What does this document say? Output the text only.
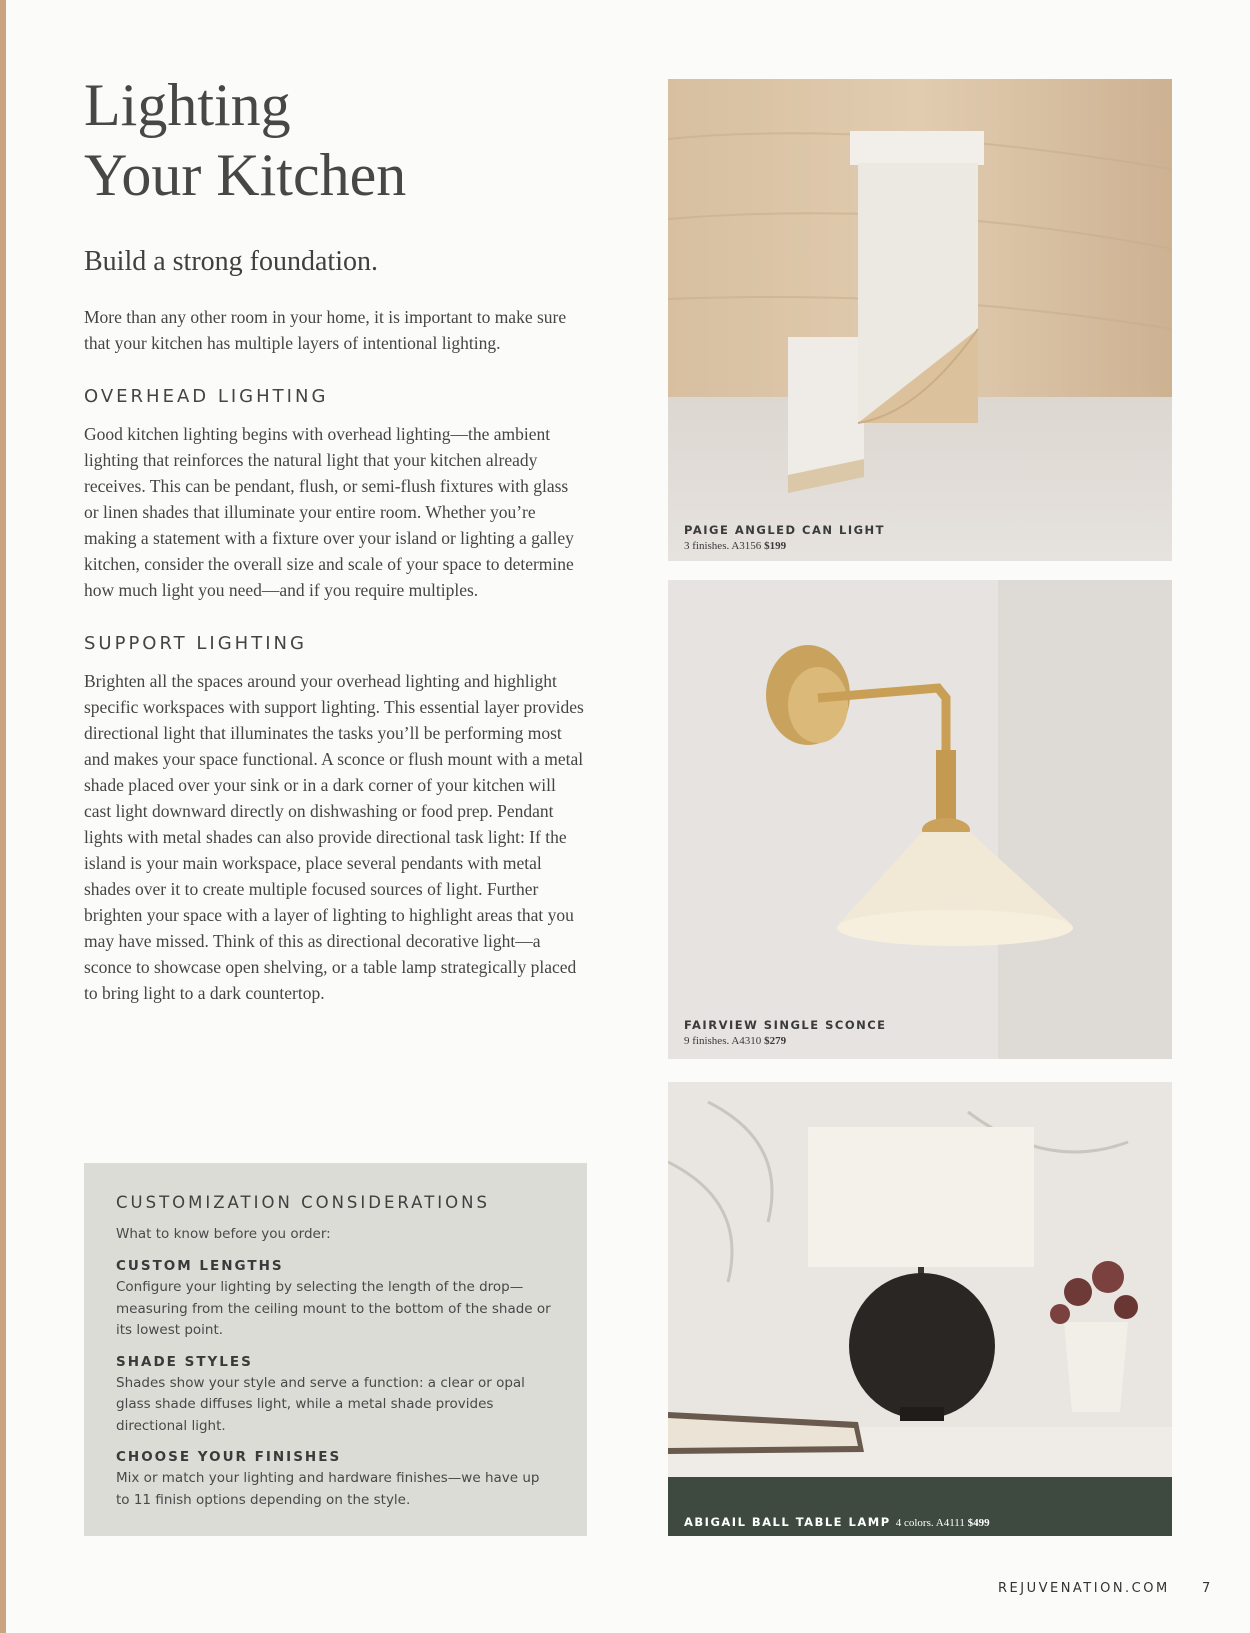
Lighting
Your Kitchen
Build a strong foundation.

More than any other room in your home, it is important to make sure that your kitchen has multiple layers of intentional lighting.

OVERHEAD LIGHTING

Good kitchen lighting begins with overhead lighting—the ambient lighting that reinforces the natural light that your kitchen already receives. This can be pendant, flush, or semi-flush fixtures with glass or linen shades that illuminate your entire room. Whether you’re making a statement with a fixture over your island or lighting a galley kitchen, consider the overall size and scale of your space to determine how much light you need—and if you require multiples.

SUPPORT LIGHTING

Brighten all the spaces around your overhead lighting and highlight specific workspaces with support lighting. This essential layer provides directional light that illuminates the tasks you’ll be performing most and makes your space functional. A sconce or flush mount with a metal shade placed over your sink or in a dark corner of your kitchen will cast light downward directly on dishwashing or food prep. Pendant lights with metal shades can also provide directional task light: If the island is your main workspace, place several pendants with metal shades over it to create multiple focused sources of light. Further brighten your space with a layer of lighting to highlight areas that you may have missed. Think of this as directional decorative light—a sconce to showcase open shelving, or a table lamp strategically placed to bring light to a dark countertop.

CUSTOMIZATION CONSIDERATIONS

What to know before you order:

CUSTOM LENGTHS

Configure your lighting by selecting the length of the drop—measuring from the ceiling mount to the bottom of the shade or its lowest point.

SHADE STYLES

Shades show your style and serve a function: a clear or opal glass shade diffuses light, while a metal shade provides directional light.

CHOOSE YOUR FINISHES

Mix or match your lighting and hardware finishes—we have up to 11 finish options depending on the style.

PAIGE ANGLED CAN LIGHT
3 finishes. A3156 $199
FAIRVIEW SINGLE SCONCE
9 finishes. A4310 $279
ABIGAIL BALL TABLE LAMP 4 colors. A4111 $499
REJUVENATION.COM 7
